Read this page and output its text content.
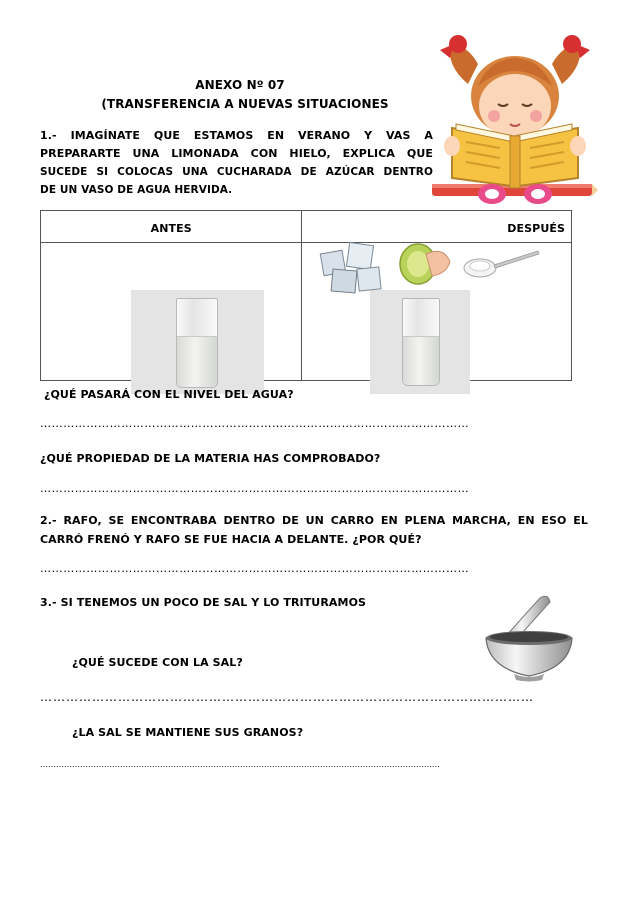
ANEXO Nº 07
(TRANSFERENCIA A NUEVAS SITUACIONES
1.- IMAGÍNATE QUE ESTAMOS EN VERANO Y VAS A
PREPARARTE UNA LIMONADA CON HIELO, EXPLICA QUE
SUCEDE SI COLOCAS UNA CUCHARADA DE AZÚCAR DENTRO
DE UN VASO DE AGUA HERVIDA.
ANTES	DESPUÉS

¿QUÉ PASARÁ CON EL NIVEL DEL AGUA?
…………………………………………………………………………………………………
¿QUÉ PROPIEDAD DE LA MATERIA HAS COMPROBADO?
…………………………………………………………………………………………………
2.- RAFO, SE ENCONTRABA DENTRO DE UN CARRO EN PLENA MARCHA, EN ESO EL
CARRÓ FRENÓ Y RAFO SE FUE HACIA A DELANTE. ¿POR QUÉ?
…………………………………………………………………………………………………
3.- SI TENEMOS UN POCO DE SAL Y LO TRITURAMOS
¿QUÉ SUCEDE CON LA SAL?
……………………………………………………………………………………………………
¿LA SAL SE MANTIENE SUS GRANOS?
……………………………………………………………………………………………………………………………….…..
